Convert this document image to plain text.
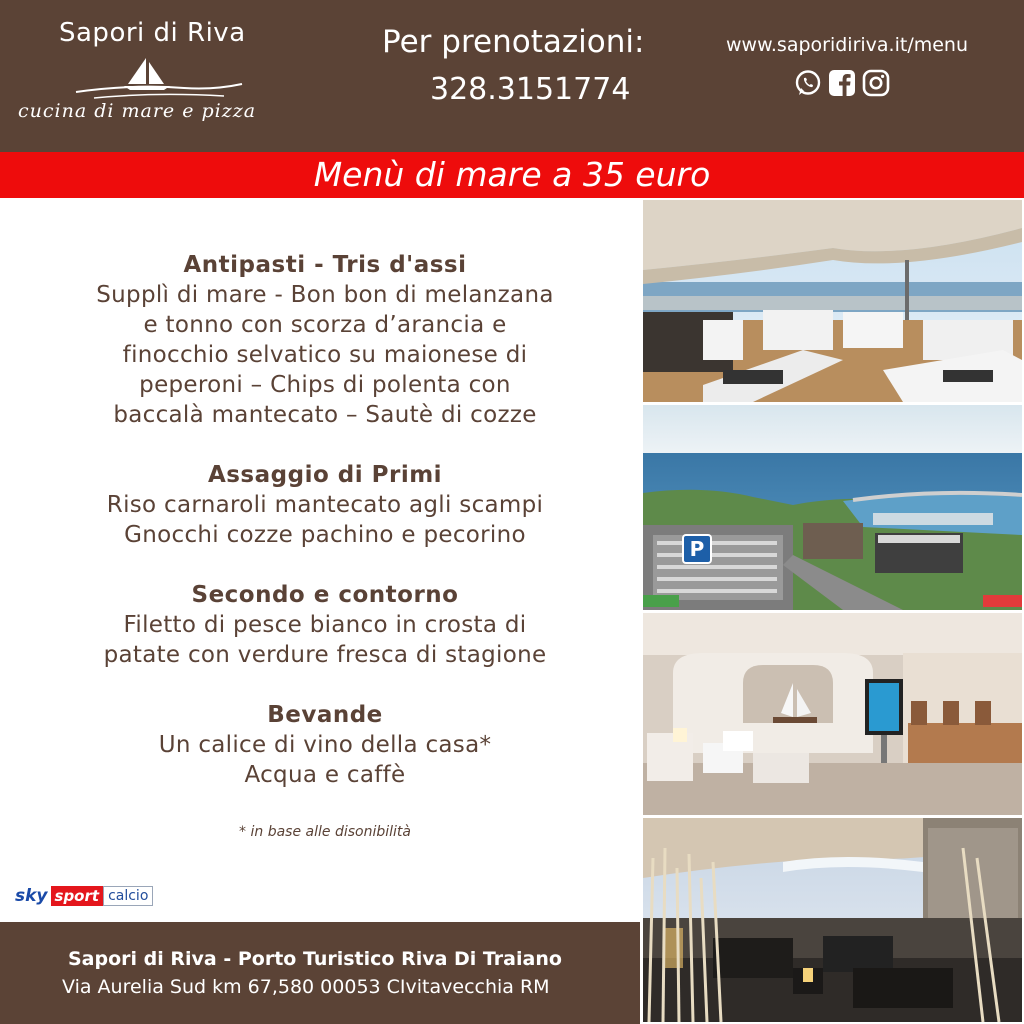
Sapori di Riva
cucina di mare e pizza
Per prenotazioni:
328.3151774
www.saporidiriva.it/menu
Menù di mare a 35 euro
Antipasti - Tris d'assi
Supplì di mare - Bon bon di melanzana
e tonno con scorza d’arancia e
finocchio selvatico su maionese di
peperoni – Chips di polenta con
baccalà mantecato – Sautè di cozze
Assaggio di Primi
Riso carnaroli mantecato agli scampi
Gnocchi cozze pachino e pecorino
Secondo e contorno
Filetto di pesce bianco in crosta di
patate con verdure fresca di stagione
Bevande
Un calice di vino della casa*
Acqua e caffè
* in base alle disonibilità
sky sport calcio
P
Sapori di Riva - Porto Turistico Riva Di Traiano
Via Aurelia Sud km 67,580 00053 CIvitavecchia RM
